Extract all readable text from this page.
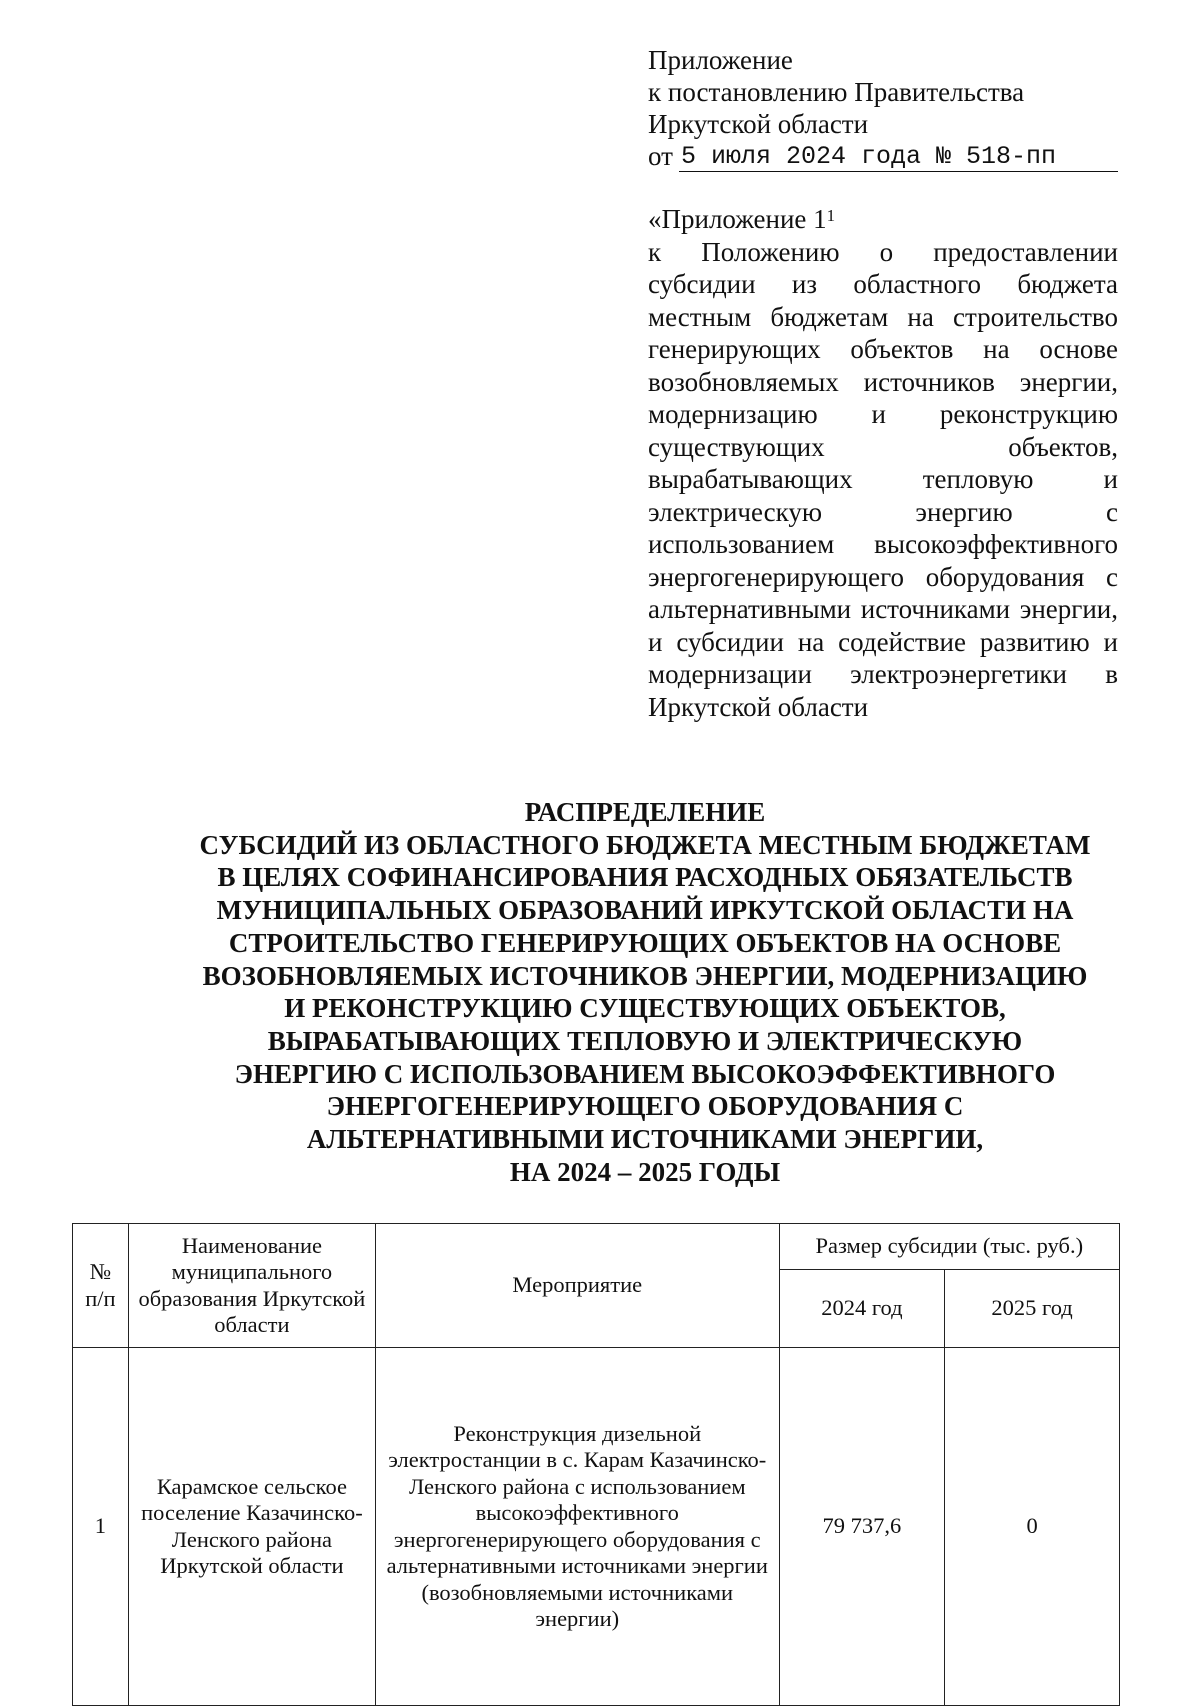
Приложение
к постановлению Правительства
Иркутской области
от 5 июля 2024 года № 518-пп
«Приложение $1^1$
к Положению о предоставлении субсидии из областного бюджета местным бюджетам на строительство генерирующих объектов на основе возобновляемых источников энергии, модернизацию и реконструкцию существующих объектов, вырабатывающих тепловую и электрическую энергию с использованием высокоэффективного энергогенерирующего оборудования с альтернативными источниками энергии, и субсидии на содействие развитию и модернизации электроэнергетики в Иркутской области
РАСПРЕДЕЛЕНИЕ
СУБСИДИЙ ИЗ ОБЛАСТНОГО БЮДЖЕТА МЕСТНЫМ БЮДЖЕТАМ
В ЦЕЛЯХ СОФИНАНСИРОВАНИЯ РАСХОДНЫХ ОБЯЗАТЕЛЬСТВ
МУНИЦИПАЛЬНЫХ ОБРАЗОВАНИЙ ИРКУТСКОЙ ОБЛАСТИ НА
СТРОИТЕЛЬСТВО ГЕНЕРИРУЮЩИХ ОБЪЕКТОВ НА ОСНОВЕ
ВОЗОБНОВЛЯЕМЫХ ИСТОЧНИКОВ ЭНЕРГИИ, МОДЕРНИЗАЦИЮ
И РЕКОНСТРУКЦИЮ СУЩЕСТВУЮЩИХ ОБЪЕКТОВ,
ВЫРАБАТЫВАЮЩИХ ТЕПЛОВУЮ И ЭЛЕКТРИЧЕСКУЮ
ЭНЕРГИЮ С ИСПОЛЬЗОВАНИЕМ ВЫСОКОЭФФЕКТИВНОГО
ЭНЕРГОГЕНЕРИРУЮЩЕГО ОБОРУДОВАНИЯ С
АЛЬТЕРНАТИВНЫМИ ИСТОЧНИКАМИ ЭНЕРГИИ,
НА 2024 – 2025 ГОДЫ
№ п/п	Наименование муниципального образования Иркутской области	Мероприятие	Размер субсидии (тыс. руб.)	
			2024 год	2025 год
1	Карамское сельское поселение Казачинско-Ленского района Иркутской области	Реконструкция дизельной электростанции в с. Карам Казачинско-Ленского района с использованием высокоэффективного энергогенерирующего оборудования с альтернативными источниками энергии (возобновляемыми источниками энергии)	79 737,6	0
